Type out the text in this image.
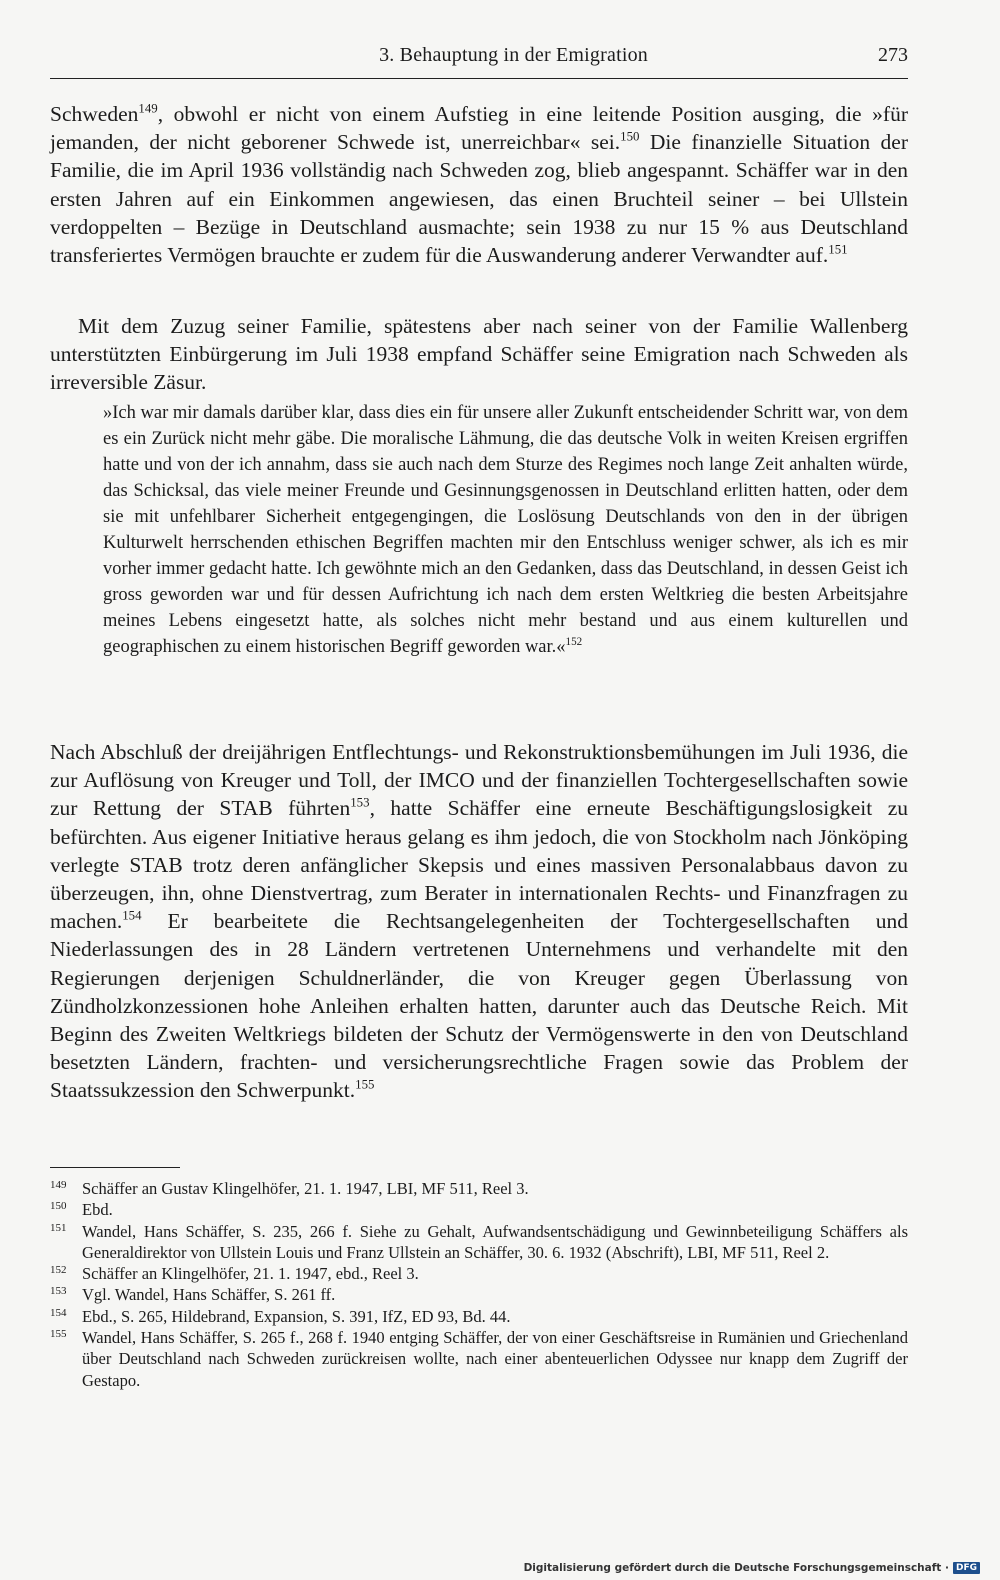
3. Behauptung in der Emigration	273

Schweden$^{149}$, obwohl er nicht von einem Aufstieg in eine leitende Position ausging, die »für jemanden, der nicht geborener Schwede ist, unerreichbar« sei.$^{150}$ Die finanzielle Situation der Familie, die im April 1936 vollständig nach Schweden zog, blieb angespannt. Schäffer war in den ersten Jahren auf ein Einkommen angewiesen, das einen Bruchteil seiner – bei Ullstein verdoppelten – Bezüge in Deutschland ausmachte; sein 1938 zu nur 15 % aus Deutschland transferiertes Vermögen brauchte er zudem für die Auswanderung anderer Verwandter auf.$^{151}$

Mit dem Zuzug seiner Familie, spätestens aber nach seiner von der Familie Wallenberg unterstützten Einbürgerung im Juli 1938 empfand Schäffer seine Emigration nach Schweden als irreversible Zäsur.

»Ich war mir damals darüber klar, dass dies ein für unsere aller Zukunft entscheidender Schritt war, von dem es ein Zurück nicht mehr gäbe. Die moralische Lähmung, die das deutsche Volk in weiten Kreisen ergriffen hatte und von der ich annahm, dass sie auch nach dem Sturze des Regimes noch lange Zeit anhalten würde, das Schicksal, das viele meiner Freunde und Gesinnungsgenossen in Deutschland erlitten hatten, oder dem sie mit unfehlbarer Sicherheit entgegengingen, die Loslösung Deutschlands von den in der übrigen Kulturwelt herrschenden ethischen Begriffen machten mir den Entschluss weniger schwer, als ich es mir vorher immer gedacht hatte. Ich gewöhnte mich an den Gedanken, dass das Deutschland, in dessen Geist ich gross geworden war und für dessen Aufrichtung ich nach dem ersten Weltkrieg die besten Arbeitsjahre meines Lebens eingesetzt hatte, als solches nicht mehr bestand und aus einem kulturellen und geographischen zu einem historischen Begriff geworden war.«$^{152}$

Nach Abschluß der dreijährigen Entflechtungs- und Rekonstruktionsbemühungen im Juli 1936, die zur Auflösung von Kreuger und Toll, der IMCO und der finanziellen Tochtergesellschaften sowie zur Rettung der STAB führten$^{153}$, hatte Schäffer eine erneute Beschäftigungslosigkeit zu befürchten. Aus eigener Initiative heraus gelang es ihm jedoch, die von Stockholm nach Jönköping verlegte STAB trotz deren anfänglicher Skepsis und eines massiven Personalabbaus davon zu überzeugen, ihn, ohne Dienstvertrag, zum Berater in internationalen Rechts- und Finanzfragen zu machen.$^{154}$ Er bearbeitete die Rechtsangelegenheiten der Tochtergesellschaften und Niederlassungen des in 28 Ländern vertretenen Unternehmens und verhandelte mit den Regierungen derjenigen Schuldnerländer, die von Kreuger gegen Überlassung von Zündholzkonzessionen hohe Anleihen erhalten hatten, darunter auch das Deutsche Reich. Mit Beginn des Zweiten Weltkriegs bildeten der Schutz der Vermögenswerte in den von Deutschland besetzten Ländern, frachten- und versicherungsrechtliche Fragen sowie das Problem der Staatssukzession den Schwerpunkt.$^{155}$

149 Schäffer an Gustav Klingelhöfer, 21. 1. 1947, LBI, MF 511, Reel 3.

150 Ebd.

151 Wandel, Hans Schäffer, S. 235, 266 f. Siehe zu Gehalt, Aufwandsentschädigung und Gewinnbeteiligung Schäffers als Generaldirektor von Ullstein Louis und Franz Ullstein an Schäffer, 30. 6. 1932 (Abschrift), LBI, MF 511, Reel 2.

152 Schäffer an Klingelhöfer, 21. 1. 1947, ebd., Reel 3.

153 Vgl. Wandel, Hans Schäffer, S. 261 ff.

154 Ebd., S. 265, Hildebrand, Expansion, S. 391, IfZ, ED 93, Bd. 44.

155 Wandel, Hans Schäffer, S. 265 f., 268 f. 1940 entging Schäffer, der von einer Geschäftsreise in Rumänien und Griechenland über Deutschland nach Schweden zurückreisen wollte, nach einer abenteuerlichen Odyssee nur knapp dem Zugriff der Gestapo.

Digitalisierung gefördert durch die Deutsche Forschungsgemeinschaft · DFG
